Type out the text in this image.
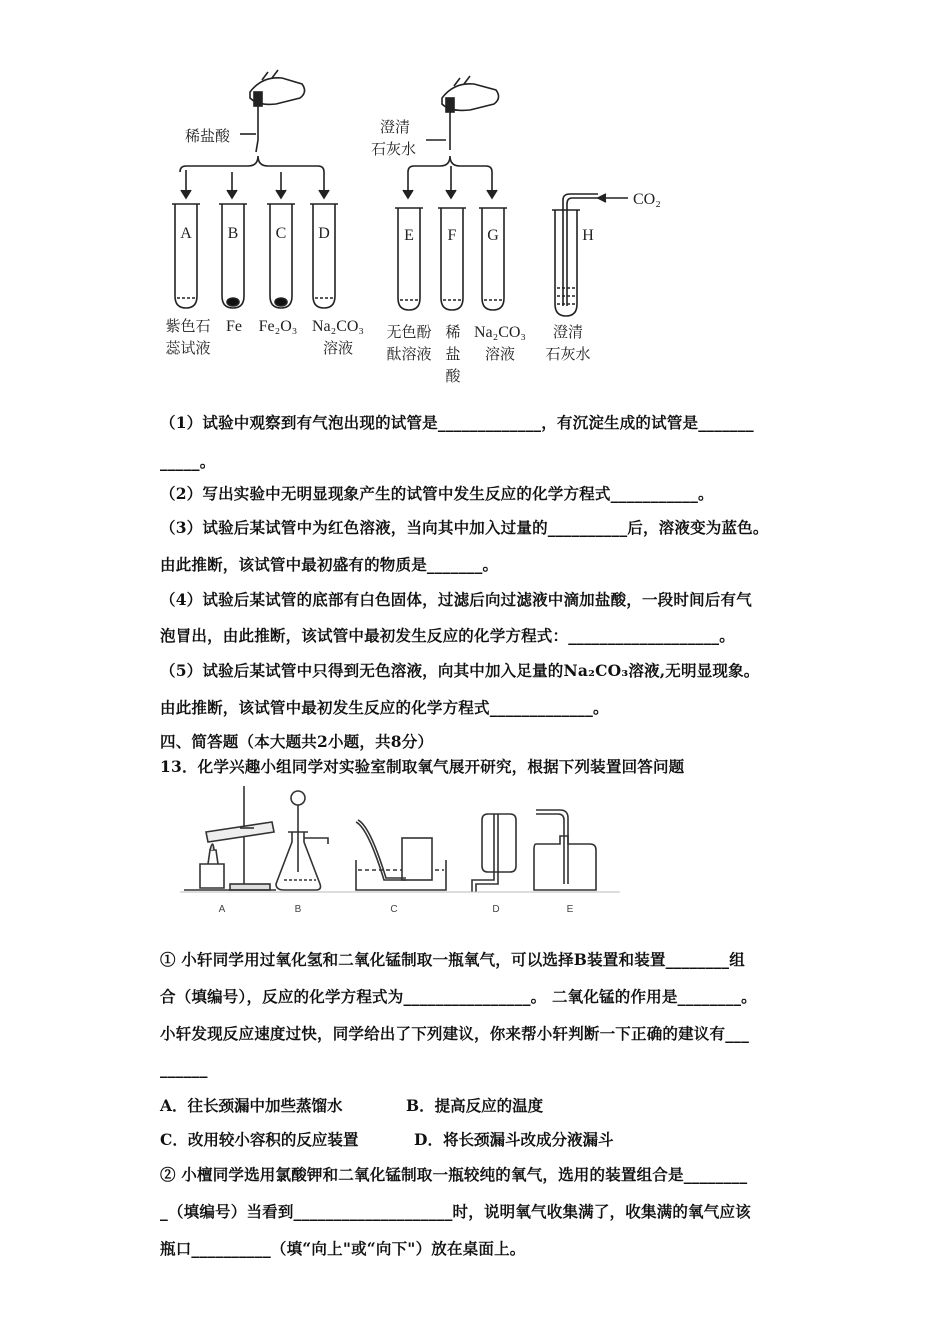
稀盐酸	澄清
石灰水
CO₂
A B C D	E F G	H
紫色石
蕊试液
Fe Fe₂O₃ Na₂CO₃
溶液
无色酚
酞溶液
稀
盐
酸
Na₂CO₃
溶液
澄清
石灰水
（1）试验中观察到有气泡出现的试管是_____________，有沉淀生成的试管是_______
_____。
（2）写出实验中无明显现象产生的试管中发生反应的化学方程式___________。
（3）试验后某试管中为红色溶液，当向其中加入过量的__________后，溶液变为蓝色。
由此推断，该试管中最初盛有的物质是_______。
（4）试验后某试管的底部有白色固体，过滤后向过滤液中滴加盐酸，一段时间后有气
泡冒出，由此推断，该试管中最初发生反应的化学方程式：___________________。
（5）试验后某试管中只得到无色溶液，向其中加入足量的Na₂CO₃溶液,无明显现象。
由此推断，该试管中最初发生反应的化学方程式_____________。
四、简答题（本大题共2小题，共8分）
13．化学兴趣小组同学对实验室制取氧气展开研究，根据下列装置回答问题
A	B	C	D	E
① 小轩同学用过氧化氢和二氧化锰制取一瓶氧气，可以选择B装置和装置________组
合（填编号），反应的化学方程式为________________。 二氧化锰的作用是________。
小轩发现反应速度过快，同学给出了下列建议，你来帮小轩判断一下正确的建议有___
______
A．往长颈漏中加些蒸馏水	B．提高反应的温度
C．改用较小容积的反应装置	D．将长颈漏斗改成分液漏斗
② 小檀同学选用氯酸钾和二氧化锰制取一瓶较纯的氧气，选用的装置组合是________
_（填编号）当看到____________________时，说明氧气收集满了，收集满的氧气应该
瓶口__________（填“向上"或“向下"）放在桌面上。
